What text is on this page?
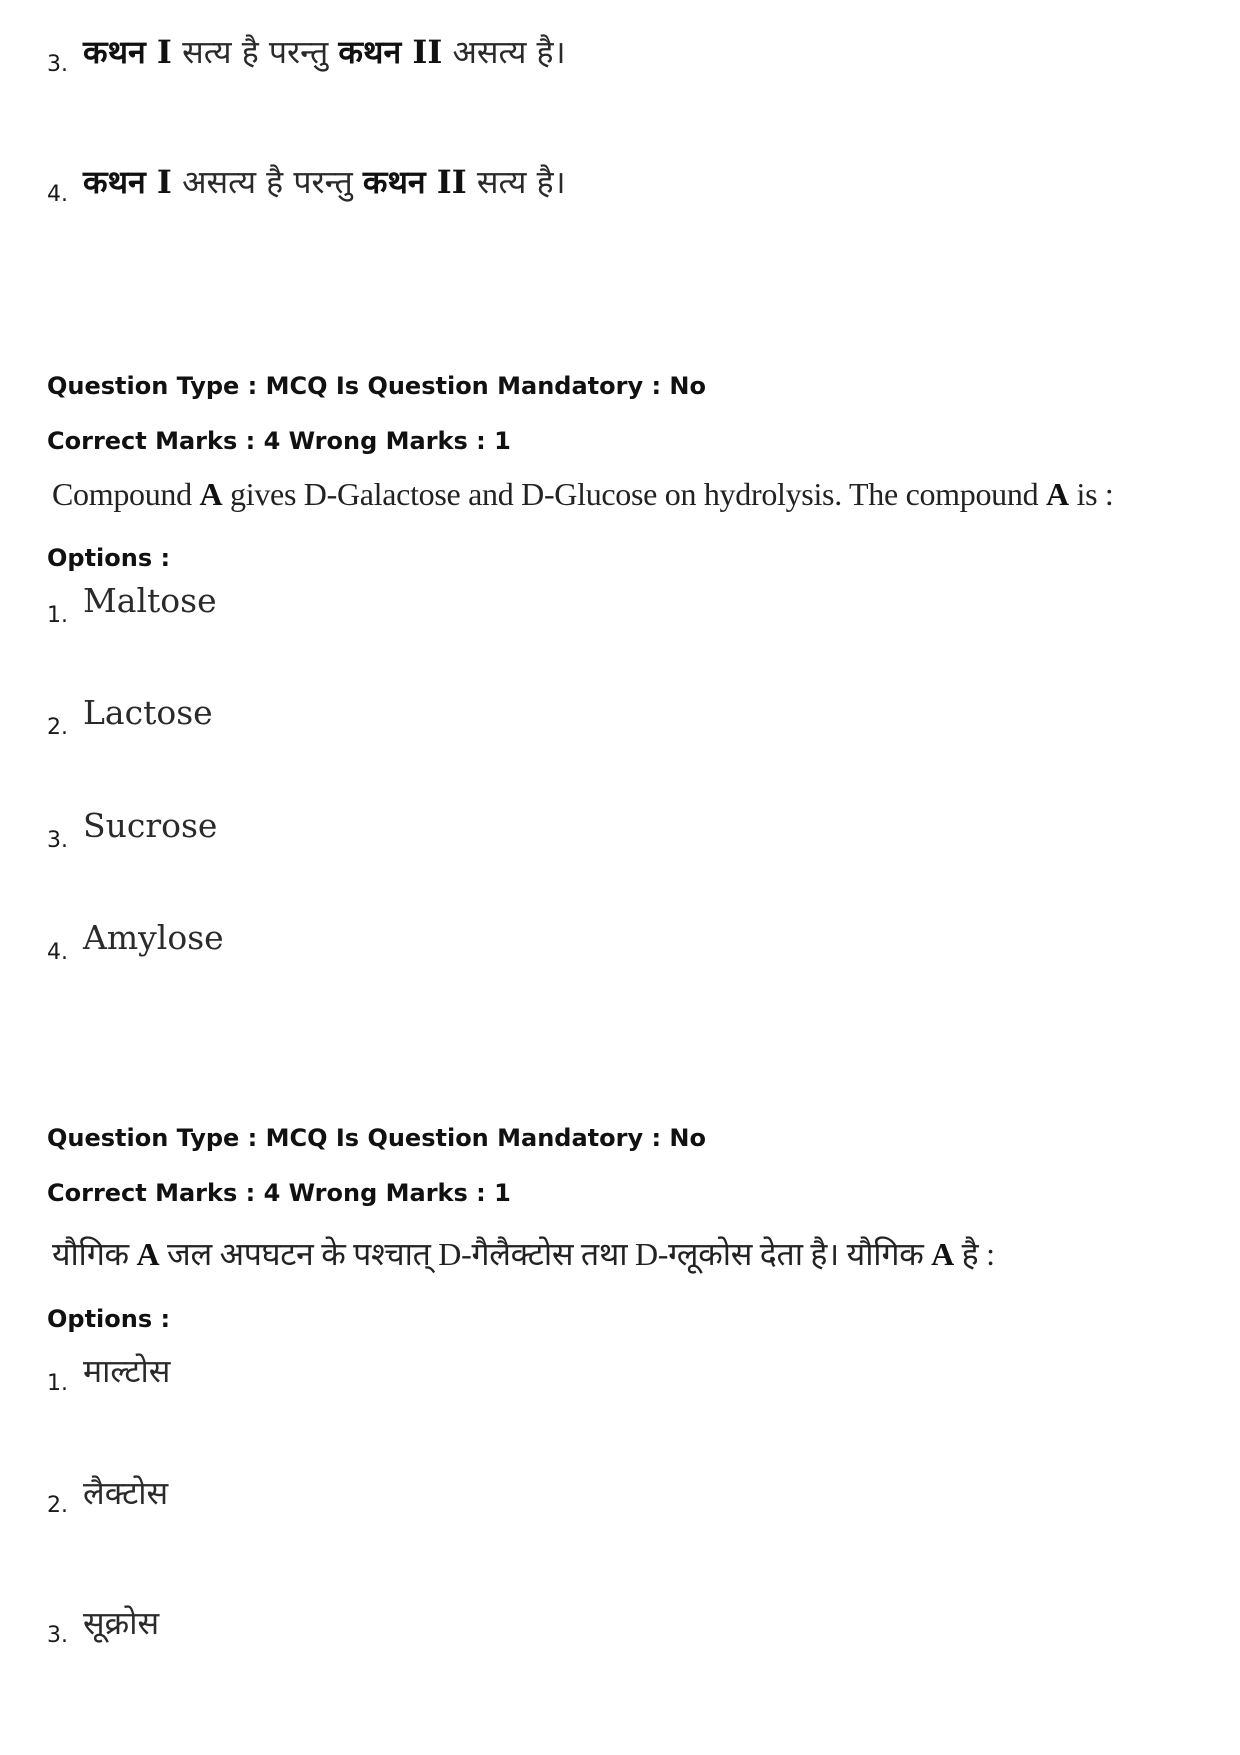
3. कथन I सत्य है परन्तु कथन II असत्य है।
4. कथन I असत्य है परन्तु कथन II सत्य है।
Question Type : MCQ Is Question Mandatory : No
Correct Marks : 4 Wrong Marks : 1
Compound A gives D-Galactose and D-Glucose on hydrolysis. The compound A is :
Options :
1. Maltose
2. Lactose
3. Sucrose
4. Amylose
Question Type : MCQ Is Question Mandatory : No
Correct Marks : 4 Wrong Marks : 1
यौगिक A जल अपघटन के पश्चात् D-गैलैक्टोस तथा D-ग्लूकोस देता है। यौगिक A है :
Options :
1. माल्टोस
2. लैक्टोस
3. सूक्रोस
